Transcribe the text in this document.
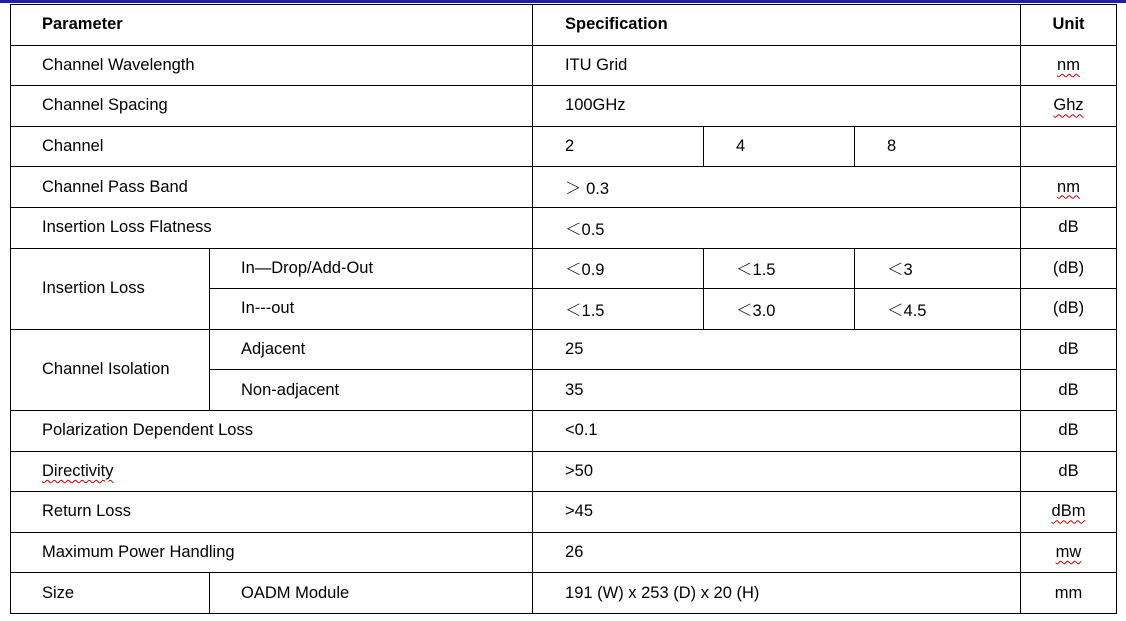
Parameter		Specification			Unit
Channel Wavelength		ITU Grid			nm
Channel Spacing		100GHz			Ghz
Channel		2	4	8	
Channel Pass Band		＞ 0.3			nm
Insertion Loss Flatness		＜0.5			dB
Insertion Loss	In—Drop/Add-Out	＜0.9	＜1.5	＜3	(dB)
	In---out	＜1.5	＜3.0	＜4.5	(dB)
Channel Isolation	Adjacent	25			dB
	Non-adjacent	35			dB
Polarization Dependent Loss		<0.1			dB
Directivity		>50			dB
Return Loss		>45			dBm
Maximum Power Handling		26			mw
Size	OADM Module	191 (W) x 253 (D) x 20 (H)			mm
